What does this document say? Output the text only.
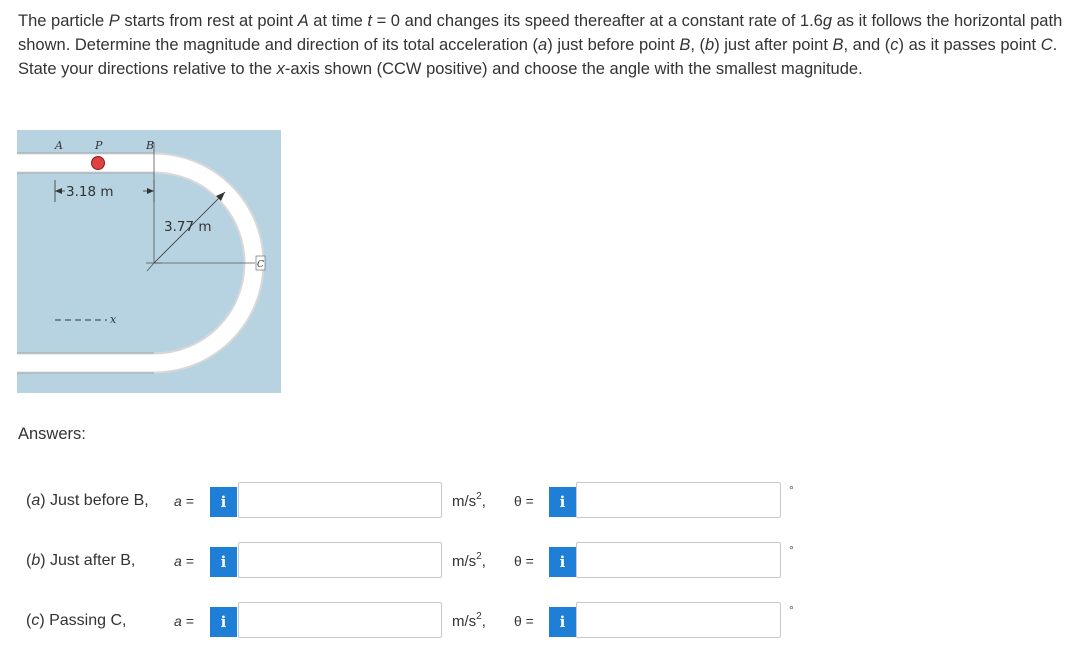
The particle P starts from rest at point A at time t = 0 and changes its speed thereafter at a constant rate of 1.6g as it follows the horizontal path shown. Determine the magnitude and direction of its total acceleration (a) just before point B, (b) just after point B, and (c) as it passes point C. State your directions relative to the x-axis shown (CCW positive) and choose the angle with the smallest magnitude.
A	P	B
3.18 m
3.77 m
C
x
Answers:
(a) Just before B, a =	i	$m/s^2$, θ =	i
°
(b) Just after B,	a =	i	$m/s^2$, θ =	i
°
(c) Passing C,	a =	i	$m/s^2$, θ =	i
°
